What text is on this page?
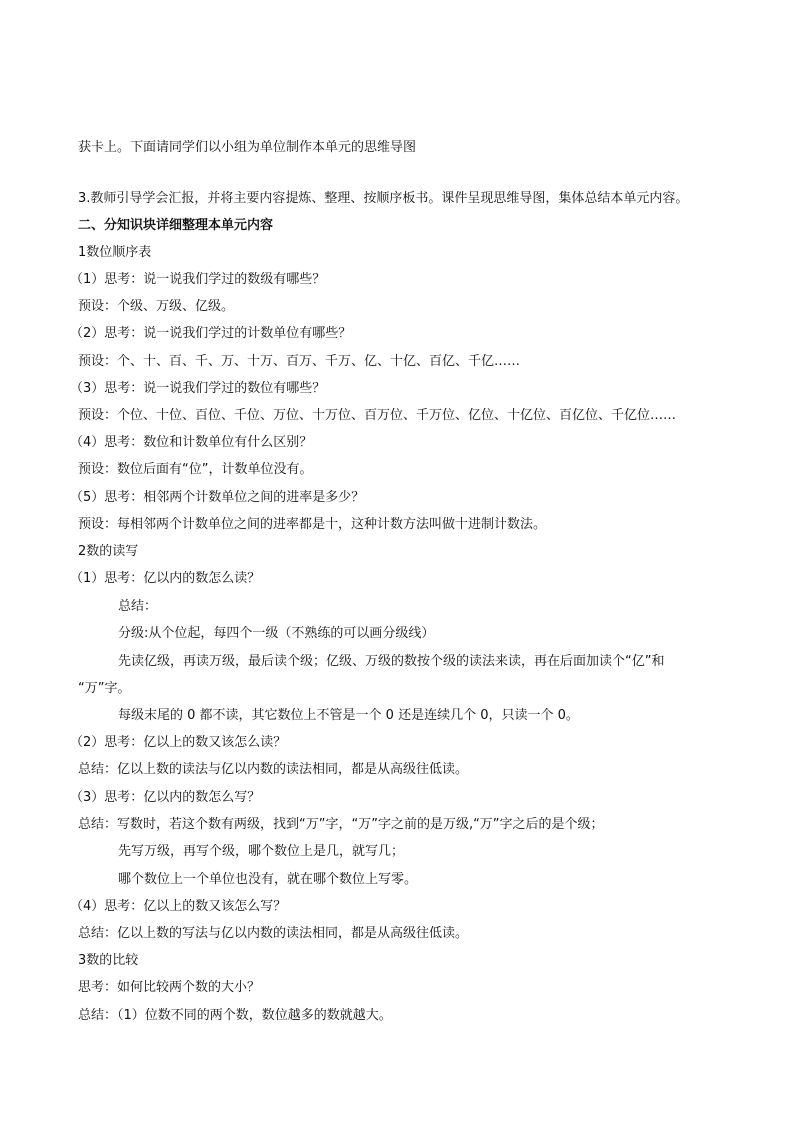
获卡上。下面请同学们以小组为单位制作本单元的思维导图
3.教师引导学会汇报，并将主要内容提炼、整理、按顺序板书。课件呈现思维导图，集体总结本单元内容。
二、分知识块详细整理本单元内容
1数位顺序表
（1）思考：说一说我们学过的数级有哪些？
预设：个级、万级、亿级。
（2）思考：说一说我们学过的计数单位有哪些？
预设：个、十、百、千、万、十万、百万、千万、亿、十亿、百亿、千亿……
（3）思考：说一说我们学过的数位有哪些？
预设：个位、十位、百位、千位、万位、十万位、百万位、千万位、亿位、十亿位、百亿位、千亿位……
（4）思考：数位和计数单位有什么区别？
预设：数位后面有“位”，计数单位没有。
（5）思考：相邻两个计数单位之间的进率是多少？
预设：每相邻两个计数单位之间的进率都是十，这种计数方法叫做十进制计数法。
2数的读写
（1）思考：亿以内的数怎么读？
总结：
分级:从个位起，每四个一级（不熟练的可以画分级线）
先读亿级，再读万级，最后读个级；亿级、万级的数按个级的读法来读，再在后面加读个“亿”和
“万”字。
每级末尾的 0 都不读，其它数位上不管是一个 0 还是连续几个 0，只读一个 0。
（2）思考：亿以上的数又该怎么读？
总结：亿以上数的读法与亿以内数的读法相同，都是从高级往低读。
（3）思考：亿以内的数怎么写？
总结：写数时，若这个数有两级，找到“万”字，“万”字之前的是万级,“万”字之后的是个级；
先写万级，再写个级，哪个数位上是几，就写几；
哪个数位上一个单位也没有，就在哪个数位上写零。
（4）思考：亿以上的数又该怎么写？
总结：亿以上数的写法与亿以内数的读法相同，都是从高级往低读。
3数的比较
思考：如何比较两个数的大小？
总结：（1）位数不同的两个数，数位越多的数就越大。
